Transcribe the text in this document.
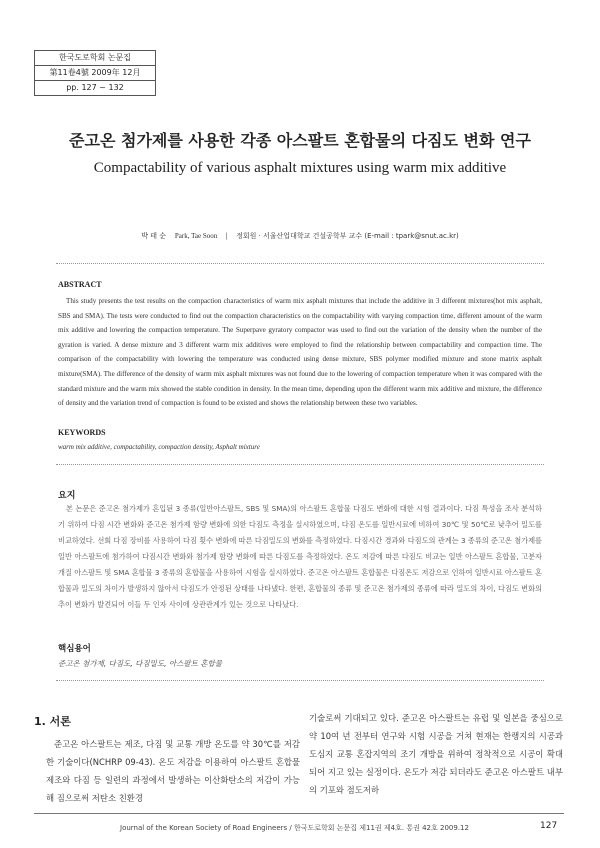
한국도로학회 논문집
第11卷4號 2009年 12月
pp. 127 ~ 132
준고온 첨가제를 사용한 각종 아스팔트 혼합물의 다짐도 변화 연구
Compactability of various asphalt mixtures using warm mix additive
박 태 순 Park, Tae Soon | 정회원 · 서울산업대학교 건설공학부 교수 (E-mail : tpark@snut.ac.kr)
ABSTRACT
This study presents the test results on the compaction characteristics of warm mix asphalt mixtures that include the additive in 3 different mixtures(hot mix asphalt, SBS and SMA). The tests were conducted to find out the compaction characteristics on the compactability with varying compaction time, different amount of the warm mix additive and lowering the compaction temperature. The Superpave gyratory compactor was used to find out the variation of the density when the number of the gyration is varied. A dense mixture and 3 different warm mix additives were employed to find the relationship between compactability and compaction time. The comparison of the compactability with lowering the temperature was conducted using dense mixture, SBS polymer modified mixture and stone matrix asphalt mixture(SMA). The difference of the density of warm mix asphalt mixtures was not found due to the lowering of compaction temperature when it was compared with the standard mixture and the warm mix showed the stable condition in density. In the mean time, depending upon the different warm mix additive and mixture, the difference of density and the variation trend of compaction is found to be existed and shows the relationship between these two variables.
KEYWORDS
warm mix additive, compactability, compaction density, Asphalt mixture
요지
본 논문은 준고온 첨가제가 혼입된 3 종류(일반아스팔트, SBS 및 SMA)의 아스팔트 혼합물 다짐도 변화에 대한 시험 결과이다. 다짐 특성을 조사 분석하기 위하여 다짐 시간 변화와 준고온 첨가제 함량 변화에 의한 다짐도 측정을 실시하였으며, 다짐 온도를 일반시료에 비하여 30℃ 및 50℃로 낮추어 밀도를 비교하였다. 선회 다짐 장비를 사용하여 다짐 횟수 변화에 따른 다짐밀도의 변화를 측정하였다. 다짐시간 경과와 다짐도의 관계는 3 종류의 준고온 첨가제를 일반 아스팔트에 첨가하여 다짐시간 변화와 첨가제 함량 변화에 따른 다짐도를 측정하였다. 온도 저감에 따른 다짐도 비교는 일반 아스팔트 혼합물, 고분자 개질 아스팔트 및 SMA 혼합물 3 종류의 혼합물을 사용하여 시험을 실시하였다. 준고온 아스팔트 혼합물은 다짐온도 저감으로 인하여 일반시료 아스팔트 혼합물과 밀도의 차이가 발생하지 않아서 다짐도가 안정된 상태를 나타냈다. 한편, 혼합물의 종류 및 준고온 첨가제의 종류에 따라 밀도의 차이, 다짐도 변화의 추이 변화가 발견되어 이들 두 인자 사이에 상관관계가 있는 것으로 나타났다.
핵심용어
준고온 첨가제, 다짐도, 다짐밀도, 아스팔트 혼합물
1. 서론
준고온 아스팔트는 제조, 다짐 및 교통 개방 온도를 약 30℃를 저감한 기술이다(NCHRP 09-43). 온도 저감을 이용하여 아스팔트 혼합물 제조와 다짐 등 일련의 과정에서 발생하는 이산화탄소의 저감이 가능해 짐으로써 저탄소 친환경
기술로써 기대되고 있다. 준고온 아스팔트는 유럽 및 일본을 중심으로 약 10여 년 전부터 연구와 시험 시공을 거쳐 현재는 한랭지의 시공과 도심지 교통 혼잡지역의 조기 개방을 위하여 정착적으로 시공이 확대되어 지고 있는 실정이다. 온도가 저감 되더라도 준고온 아스팔트 내부의 기포와 점도저하
Journal of the Korean Society of Road Engineers / 한국도로학회 논문집 제11권 제4호. 통권 42호 2009.12	127
